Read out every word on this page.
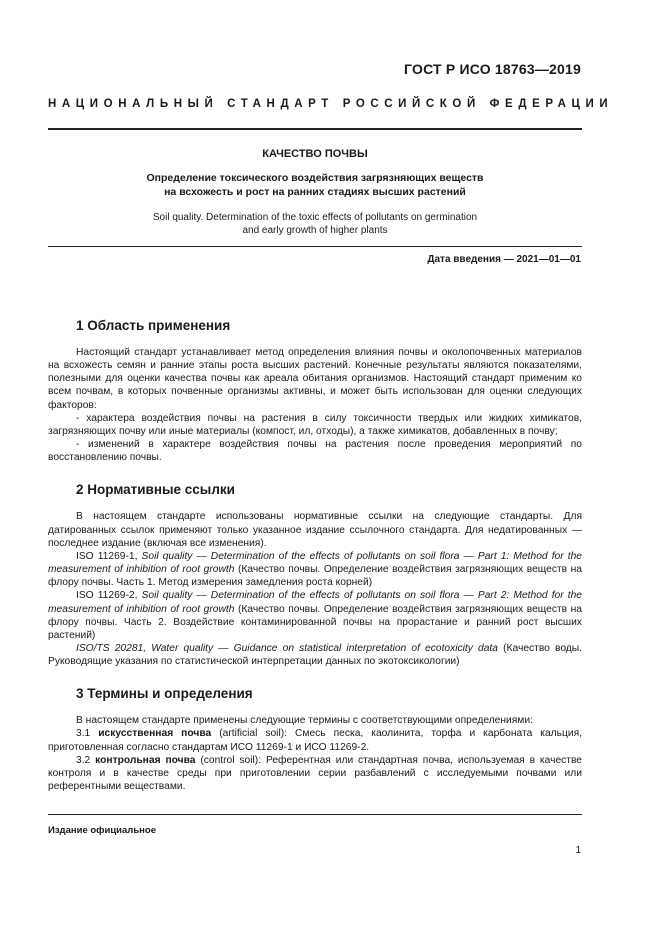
ГОСТ Р ИСО 18763—2019
НАЦИОНАЛЬНЫЙ СТАНДАРТ РОССИЙСКОЙ ФЕДЕРАЦИИ
КАЧЕСТВО ПОЧВЫ
Определение токсического воздействия загрязняющих веществ
на всхожесть и рост на ранних стадиях высших растений
Soil quality. Determination of the toxic effects of pollutants on germination
and early growth of higher plants
Дата введения — 2021—01—01
1 Область применения

Настоящий стандарт устанавливает метод определения влияния почвы и околопочвенных материалов на всхожесть семян и ранние этапы роста высших растений. Конечные результаты являются показателями, полезными для оценки качества почвы как ареала обитания организмов. Настоящий стандарт применим ко всем почвам, в которых почвенные организмы активны, и может быть использован для оценки следующих факторов:

- характера воздействия почвы на растения в силу токсичности твердых или жидких химикатов, загрязняющих почву или иные материалы (компост, ил, отходы), а также химикатов, добавленных в почву;

- изменений в характере воздействия почвы на растения после проведения мероприятий по восстановлению почвы.

2 Нормативные ссылки

В настоящем стандарте использованы нормативные ссылки на следующие стандарты. Для датированных ссылок применяют только указанное издание ссылочного стандарта. Для недатированных — последнее издание (включая все изменения).

ISO 11269-1, Soil quality — Determination of the effects of pollutants on soil flora — Part 1: Method for the measurement of inhibition of root growth (Качество почвы. Определение воздействия загрязняющих веществ на флору почвы. Часть 1. Метод измерения замедления роста корней)

ISO 11269-2, Soil quality — Determination of the effects of pollutants on soil flora — Part 2: Method for the measurement of inhibition of root growth (Качество почвы. Определение воздействия загрязняющих веществ на флору почвы. Часть 2. Воздействие контаминированной почвы на прорастание и ранний рост высших растений)

ISO/TS 20281, Water quality — Guidance on statistical interpretation of ecotoxicity data (Качество воды. Руководящие указания по статистической интерпретации данных по экотоксикологии)

3 Термины и определения

В настоящем стандарте применены следующие термины с соответствующими определениями:

3.1 искусственная почва (artificial soil): Смесь песка, каолинита, торфа и карбоната кальция, приготовленная согласно стандартам ИСО 11269-1 и ИСО 11269-2.

3.2 контрольная почва (control soil): Референтная или стандартная почва, используемая в качестве контроля и в качестве среды при приготовлении серии разбавлений с исследуемыми почвами или референтными веществами.

Издание официальное
1
